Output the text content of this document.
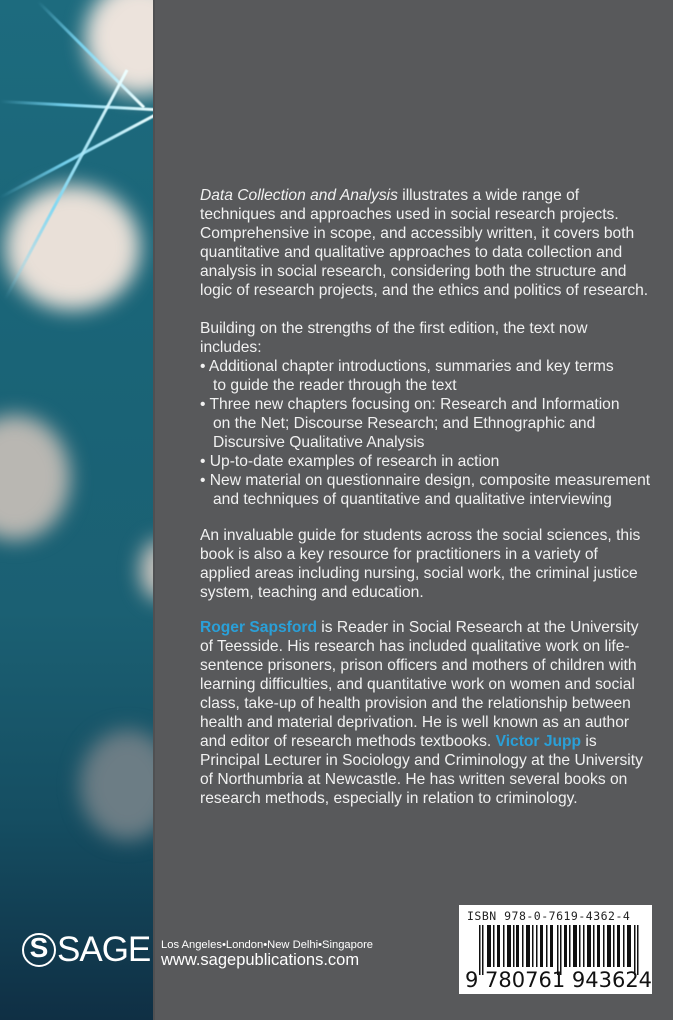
S SAGE
Data Collection and Analysis illustrates a wide range of
techniques and approaches used in social research projects.
Comprehensive in scope, and accessibly written, it covers both
quantitative and qualitative approaches to data collection and
analysis in social research, considering both the structure and
logic of research projects, and the ethics and politics of research.
Building on the strengths of the first edition, the text now
includes:
• Additional chapter introductions, summaries and key terms
to guide the reader through the text
• Three new chapters focusing on: Research and Information
on the Net; Discourse Research; and Ethnographic and
Discursive Qualitative Analysis
• Up-to-date examples of research in action
• New material on questionnaire design, composite measurement
and techniques of quantitative and qualitative interviewing
An invaluable guide for students across the social sciences, this
book is also a key resource for practitioners in a variety of
applied areas including nursing, social work, the criminal justice
system, teaching and education.
Roger Sapsford is Reader in Social Research at the University
of Teesside. His research has included qualitative work on life-
sentence prisoners, prison officers and mothers of children with
learning difficulties, and quantitative work on women and social
class, take-up of health provision and the relationship between
health and material deprivation. He is well known as an author
and editor of research methods textbooks. Victor Jupp is
Principal Lecturer in Sociology and Criminology at the University
of Northumbria at Newcastle. He has written several books on
research methods, especially in relation to criminology.
Los Angeles•London•New Delhi•Singapore
www.sagepublications.com
ISBN 978-0-7619-4362-4
9 780761 943624
